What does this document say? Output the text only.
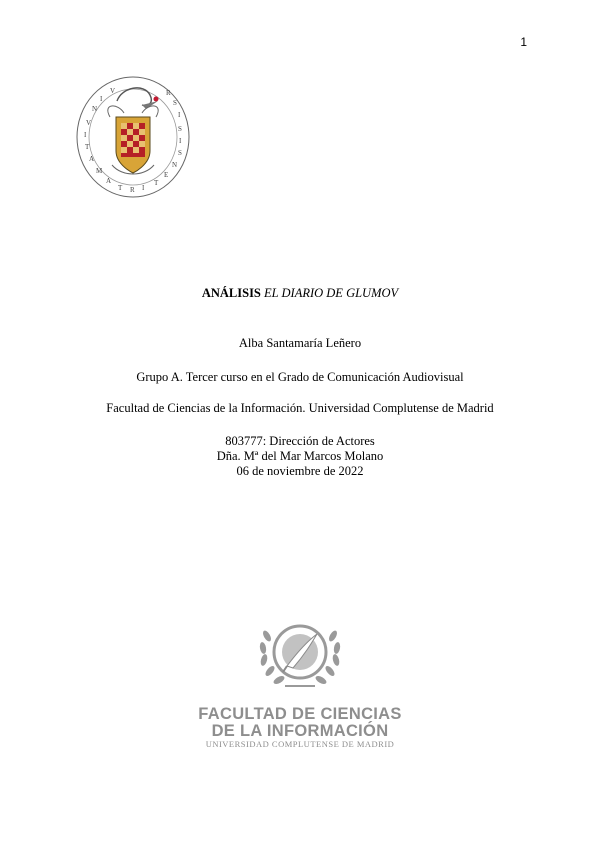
1
V
I
T
A
M
A
T R I
T
E
N
S
I
S
N
I
V	R
S
I
ANÁLISIS EL DIARIO DE GLUMOV
Alba Santamaría Leñero
Grupo A. Tercer curso en el Grado de Comunicación Audiovisual
Facultad de Ciencias de la Información. Universidad Complutense de Madrid
803777: Dirección de Actores
Dña. Mª del Mar Marcos Molano
06 de noviembre de 2022
FACULTAD DE CIENCIAS
DE LA INFORMACIÓN
UNIVERSIDAD COMPLUTENSE DE MADRID
